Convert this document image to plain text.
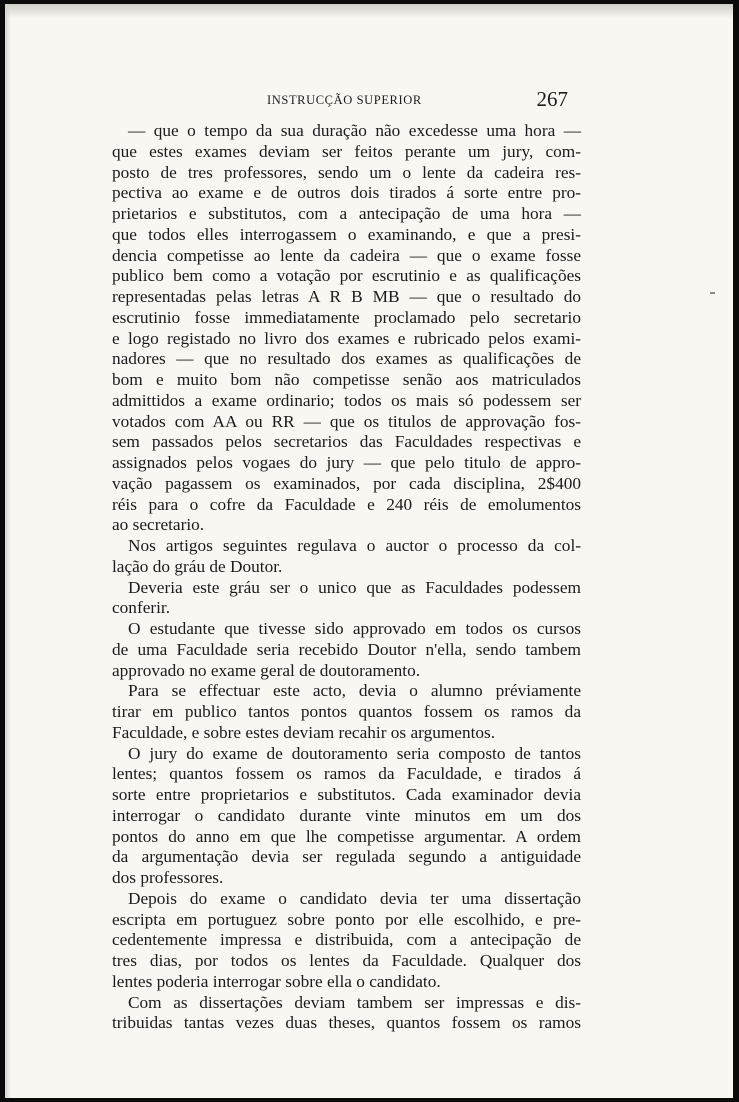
INSTRUCÇÃO SUPERIOR	267
— que o tempo da sua duração não excedesse uma hora —
que estes exames deviam ser feitos perante um jury, com-
posto de tres professores, sendo um o lente da cadeira res-
pectiva ao exame e de outros dois tirados á sorte entre pro-
prietarios e substitutos, com a antecipação de uma hora —
que todos elles interrogassem o examinando, e que a presi-
dencia competisse ao lente da cadeira — que o exame fosse
publico bem como a votação por escrutinio e as qualificações
representadas pelas letras A R B MB — que o resultado do
escrutinio fosse immediatamente proclamado pelo secretario
e logo registado no livro dos exames e rubricado pelos exami-
nadores — que no resultado dos exames as qualificações de
bom e muito bom não competisse senão aos matriculados
admittidos a exame ordinario; todos os mais só podessem ser
votados com AA ou RR — que os titulos de approvação fos-
sem passados pelos secretarios das Faculdades respectivas e
assignados pelos vogaes do jury — que pelo titulo de appro-
vação pagassem os examinados, por cada disciplina, 2$400
réis para o cofre da Faculdade e 240 réis de emolumentos
ao secretario.
Nos artigos seguintes regulava o auctor o processo da col-
lação do gráu de Doutor.
Deveria este gráu ser o unico que as Faculdades podessem
conferir.
O estudante que tivesse sido approvado em todos os cursos
de uma Faculdade seria recebido Doutor n'ella, sendo tambem
approvado no exame geral de doutoramento.
Para se effectuar este acto, devia o alumno préviamente
tirar em publico tantos pontos quantos fossem os ramos da
Faculdade, e sobre estes deviam recahir os argumentos.
O jury do exame de doutoramento seria composto de tantos
lentes; quantos fossem os ramos da Faculdade, e tirados á
sorte entre proprietarios e substitutos. Cada examinador devia
interrogar o candidato durante vinte minutos em um dos
pontos do anno em que lhe competisse argumentar. A ordem
da argumentação devia ser regulada segundo a antiguidade
dos professores.
Depois do exame o candidato devia ter uma dissertação
escripta em portuguez sobre ponto por elle escolhido, e pre-
cedentemente impressa e distribuida, com a antecipação de
tres dias, por todos os lentes da Faculdade. Qualquer dos
lentes poderia interrogar sobre ella o candidato.
Com as dissertações deviam tambem ser impressas e dis-
tribuidas tantas vezes duas theses, quantos fossem os ramos
